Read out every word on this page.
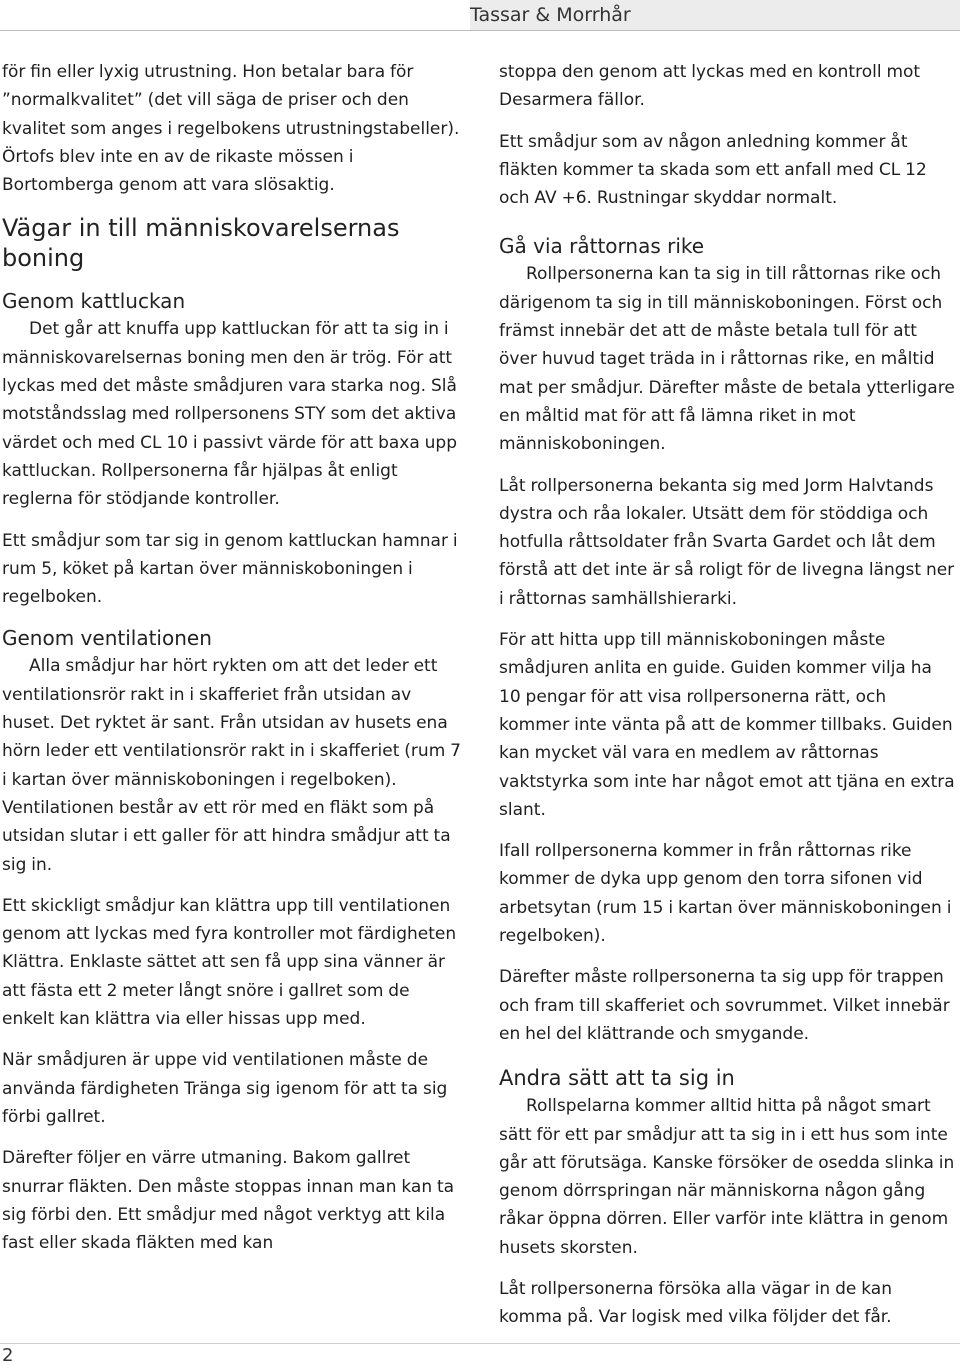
Tassar & Morrhår

för fin eller lyxig utrustning. Hon betalar bara för ”normalkvalitet” (det vill säga de priser och den kvalitet som anges i regelbokens utrustningstabeller). Örtofs blev inte en av de rikaste mössen i Bortomberga genom att vara slösaktig.

Vägar in till människovarelsernas boning
Genom kattluckan

Det går att knuffa upp kattluckan för att ta sig in i människovarelsernas boning men den är trög. För att lyckas med det måste smådjuren vara starka nog. Slå motståndsslag med rollpersonens STY som det aktiva värdet och med CL 10 i passivt värde för att baxa upp kattluckan. Rollpersonerna får hjälpas åt enligt reglerna för stödjande kontroller.

Ett smådjur som tar sig in genom kattluckan hamnar i rum 5, köket på kartan över människoboningen i regelboken.

Genom ventilationen

Alla smådjur har hört rykten om att det leder ett ventilationsrör rakt in i skafferiet från utsidan av huset. Det ryktet är sant. Från utsidan av husets ena hörn leder ett ventilationsrör rakt in i skafferiet (rum 7 i kartan över människoboningen i regelboken). Ventilationen består av ett rör med en fläkt som på utsidan slutar i ett galler för att hindra smådjur att ta sig in.

Ett skickligt smådjur kan klättra upp till ventilationen genom att lyckas med fyra kontroller mot färdigheten Klättra. Enklaste sättet att sen få upp sina vänner är att fästa ett 2 meter långt snöre i gallret som de enkelt kan klättra via eller hissas upp med.

När smådjuren är uppe vid ventilationen måste de använda färdigheten Tränga sig igenom för att ta sig förbi gallret.

Därefter följer en värre utmaning. Bakom gallret snurrar fläkten. Den måste stoppas innan man kan ta sig förbi den. Ett smådjur med något verktyg att kila fast eller skada fläkten med kan

stoppa den genom att lyckas med en kontroll mot Desarmera fällor.

Ett smådjur som av någon anledning kommer åt fläkten kommer ta skada som ett anfall med CL 12 och AV +6. Rustningar skyddar normalt.

Gå via råttornas rike

Rollpersonerna kan ta sig in till råttornas rike och därigenom ta sig in till människoboningen. Först och främst innebär det att de måste betala tull för att över huvud taget träda in i råttornas rike, en måltid mat per smådjur. Därefter måste de betala ytterligare en måltid mat för att få lämna riket in mot människoboningen.

Låt rollpersonerna bekanta sig med Jorm Halvtands dystra och råa lokaler. Utsätt dem för stöddiga och hotfulla råttsoldater från Svarta Gardet och låt dem förstå att det inte är så roligt för de livegna längst ner i råttornas samhällshierarki.

För att hitta upp till människoboningen måste smådjuren anlita en guide. Guiden kommer vilja ha 10 pengar för att visa rollpersonerna rätt, och kommer inte vänta på att de kommer tillbaks. Guiden kan mycket väl vara en medlem av råttornas vaktstyrka som inte har något emot att tjäna en extra slant.

Ifall rollpersonerna kommer in från råttornas rike kommer de dyka upp genom den torra sifonen vid arbetsytan (rum 15 i kartan över människoboningen i regelboken).

Därefter måste rollpersonerna ta sig upp för trappen och fram till skafferiet och sovrummet. Vilket innebär en hel del klättrande och smygande.

Andra sätt att ta sig in

Rollspelarna kommer alltid hitta på något smart sätt för ett par smådjur att ta sig in i ett hus som inte går att förutsäga. Kanske försöker de osedda slinka in genom dörrspringan när människorna någon gång råkar öppna dörren. Eller varför inte klättra in genom husets skorsten.

Låt rollpersonerna försöka alla vägar in de kan komma på. Var logisk med vilka följder det får.

2
